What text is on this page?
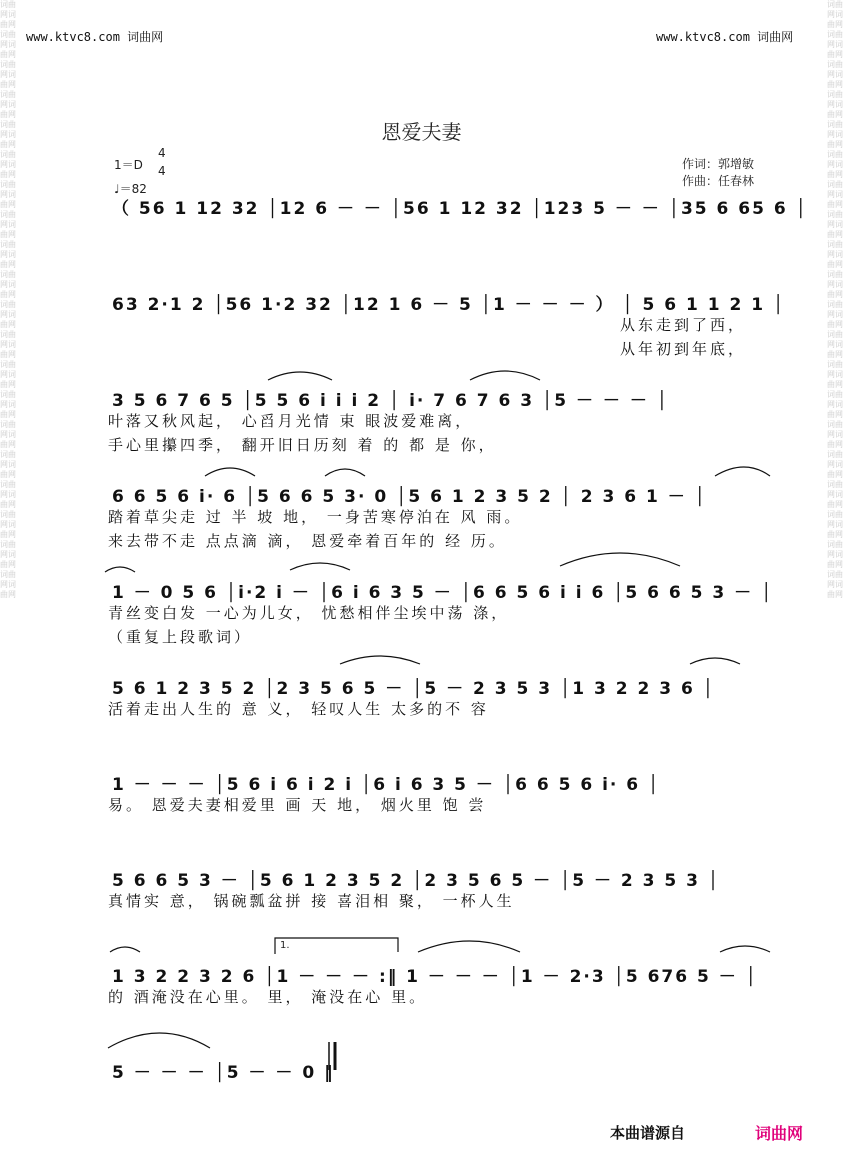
词曲网词曲网词曲网词曲网词曲网词曲网词曲网词曲网词曲网词曲网词曲网词曲网词曲网词曲网词曲网词曲网词曲网词曲网词曲网词曲网词曲网词曲网词曲网词曲网词曲网词曲网词曲网词曲网词曲网词曲网词曲网词曲网词曲网词曲网词曲网词曲网词曲网词曲网词曲网词曲网
词曲网词曲网词曲网词曲网词曲网词曲网词曲网词曲网词曲网词曲网词曲网词曲网词曲网词曲网词曲网词曲网词曲网词曲网词曲网词曲网词曲网词曲网词曲网词曲网词曲网词曲网词曲网词曲网词曲网词曲网词曲网词曲网词曲网词曲网词曲网词曲网词曲网词曲网词曲网词曲网
www.ktvc8.com 词曲网	www.ktvc8.com 词曲网
恩爱夫妻
1＝D
4
4
♩＝82
作词：郭增敏
作曲：任春林
（ 56 1 12 32 │12 6 － － │56 1 12 32 │123 5 － － │35 6 65 6 │
63 2·1 2 │56 1·2 32 │12 1 6 － 5 │1 － － － ） │ 5 6 1 1 2 1 │
从东走到了西，
从年初到年底，
3 5 6 7 6 5 │5 5 6 i i i 2 │ i· 7 6 7 6 3 │5 － － － │
叶落又秋风起， 心舀月光情 束 眼波爱难离，
手心里攥四季， 翻开旧日历刻 着 的 都 是 你，
6 6 5 6 i· 6 │5 6 6 5 3· 0 │5 6 1 2 3 5 2 │ 2 3 6 1 － │
踏着草尖走 过 半 坡 地， 一身苦寒停泊在 风 雨。
来去带不走 点点滴 滴， 恩爱牵着百年的 经 历。
1 － 0 5 6 │i·2 i － │6 i 6 3 5 － │6 6 5 6 i i 6 │5 6 6 5 3 － │
青丝变白发 一心为儿女， 忧愁相伴尘埃中荡 涤，
（重复上段歌词）
5 6 1 2 3 5 2 │2 3 5 6 5 － │5 － 2 3 5 3 │1 3 2 2 3 6 │
活着走出人生的 意 义， 轻叹人生 太多的不 容
1 － － － │5 6 i 6 i 2 i │6 i 6 3 5 － │6 6 5 6 i· 6 │
易。 恩爱夫妻相爱里 画 天 地， 烟火里 饱 尝
5 6 6 5 3 － │5 6 1 2 3 5 2 │2 3 5 6 5 － │5 － 2 3 5 3 │
真情实 意， 锅碗瓢盆拼 接 喜泪相 聚， 一杯人生
1 3 2 2 3 2 6 │1 － － － :‖ 1 － － － │1 － 2·3 │5 676 5 － │
的 酒淹没在心里。 里， 淹没在心 里。
5 － － － │5 － － 0 ‖
1.
本曲谱源自	词曲网
